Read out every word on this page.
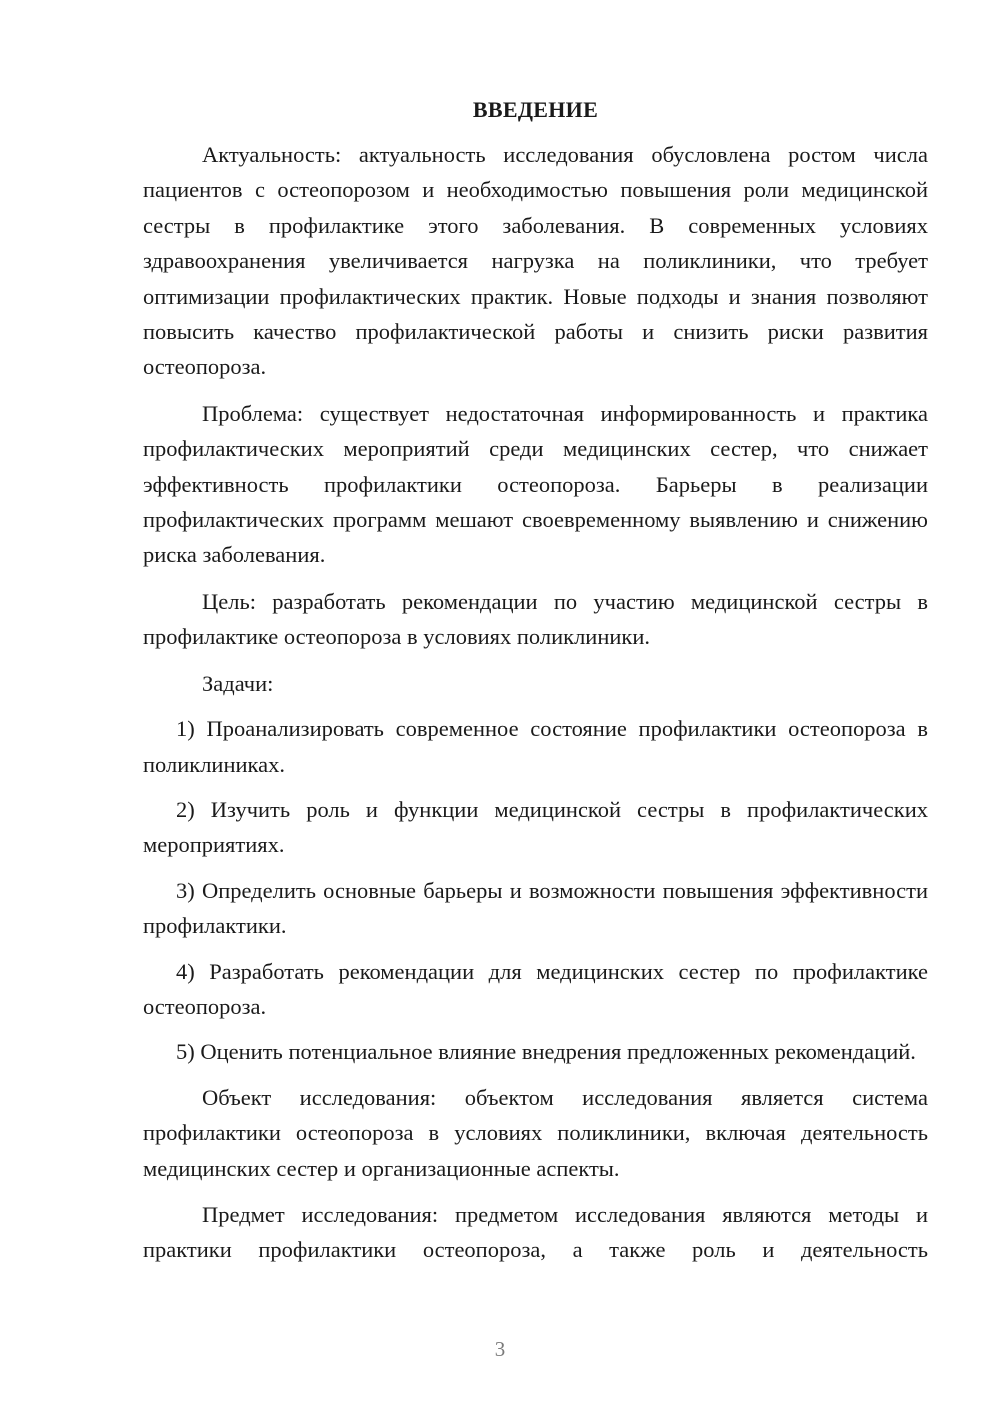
ВВЕДЕНИЕ

Актуальность: актуальность исследования обусловлена ростом числа пациентов с остеопорозом и необходимостью повышения роли медицинской сестры в профилактике этого заболевания. В современных условиях здравоохранения увеличивается нагрузка на поликлиники, что требует оптимизации профилактических практик. Новые подходы и знания позволяют повысить качество профилактической работы и снизить риски развития остеопороза.

Проблема: существует недостаточная информированность и практика профилактических мероприятий среди медицинских сестер, что снижает эффективность профилактики остеопороза. Барьеры в реализации профилактических программ мешают своевременному выявлению и снижению риска заболевания.

Цель: разработать рекомендации по участию медицинской сестры в профилактике остеопороза в условиях поликлиники.

Задачи:

1) Проанализировать современное состояние профилактики остеопороза в поликлиниках.

2) Изучить роль и функции медицинской сестры в профилактических мероприятиях.

3) Определить основные барьеры и возможности повышения эффективности профилактики.

4) Разработать рекомендации для медицинских сестер по профилактике остеопороза.

5) Оценить потенциальное влияние внедрения предложенных рекомендаций.

Объект исследования: объектом исследования является система профилактики остеопороза в условиях поликлиники, включая деятельность медицинских сестер и организационные аспекты.

Предмет исследования: предметом исследования являются методы и практики профилактики остеопороза, а также роль и деятельность

3
